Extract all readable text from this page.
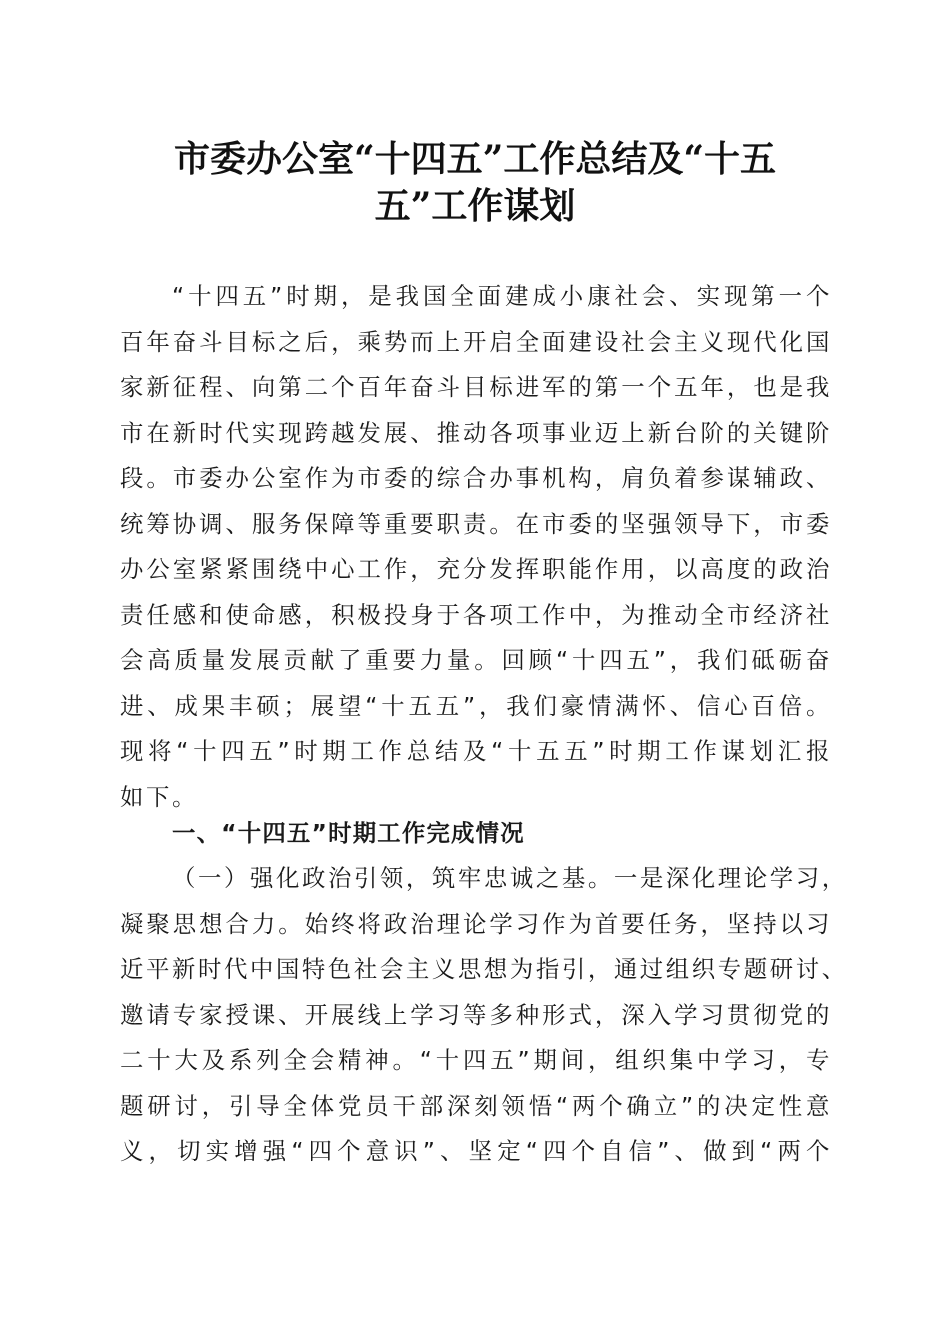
市委办公室“十四五”工作总结及“十五
五”工作谋划
“十四五”时期，是我国全面建成小康社会、实现第一个
百年奋斗目标之后，乘势而上开启全面建设社会主义现代化国
家新征程、向第二个百年奋斗目标进军的第一个五年，也是我
市在新时代实现跨越发展、推动各项事业迈上新台阶的关键阶
段。市委办公室作为市委的综合办事机构，肩负着参谋辅政、
统筹协调、服务保障等重要职责。在市委的坚强领导下，市委
办公室紧紧围绕中心工作，充分发挥职能作用，以高度的政治
责任感和使命感，积极投身于各项工作中，为推动全市经济社
会高质量发展贡献了重要力量。回顾“十四五”，我们砥砺奋
进、成果丰硕；展望“十五五”，我们豪情满怀、信心百倍。
现将“十四五”时期工作总结及“十五五”时期工作谋划汇报
如下。
一、“十四五”时期工作完成情况
（一）强化政治引领，筑牢忠诚之基。一是深化理论学习，
凝聚思想合力。始终将政治理论学习作为首要任务，坚持以习
近平新时代中国特色社会主义思想为指引，通过组织专题研讨、
邀请专家授课、开展线上学习等多种形式，深入学习贯彻党的
二十大及系列全会精神。“十四五”期间，组织集中学习，专
题研讨，引导全体党员干部深刻领悟“两个确立”的决定性意
义，切实增强“四个意识”、坚定“四个自信”、做到“两个
